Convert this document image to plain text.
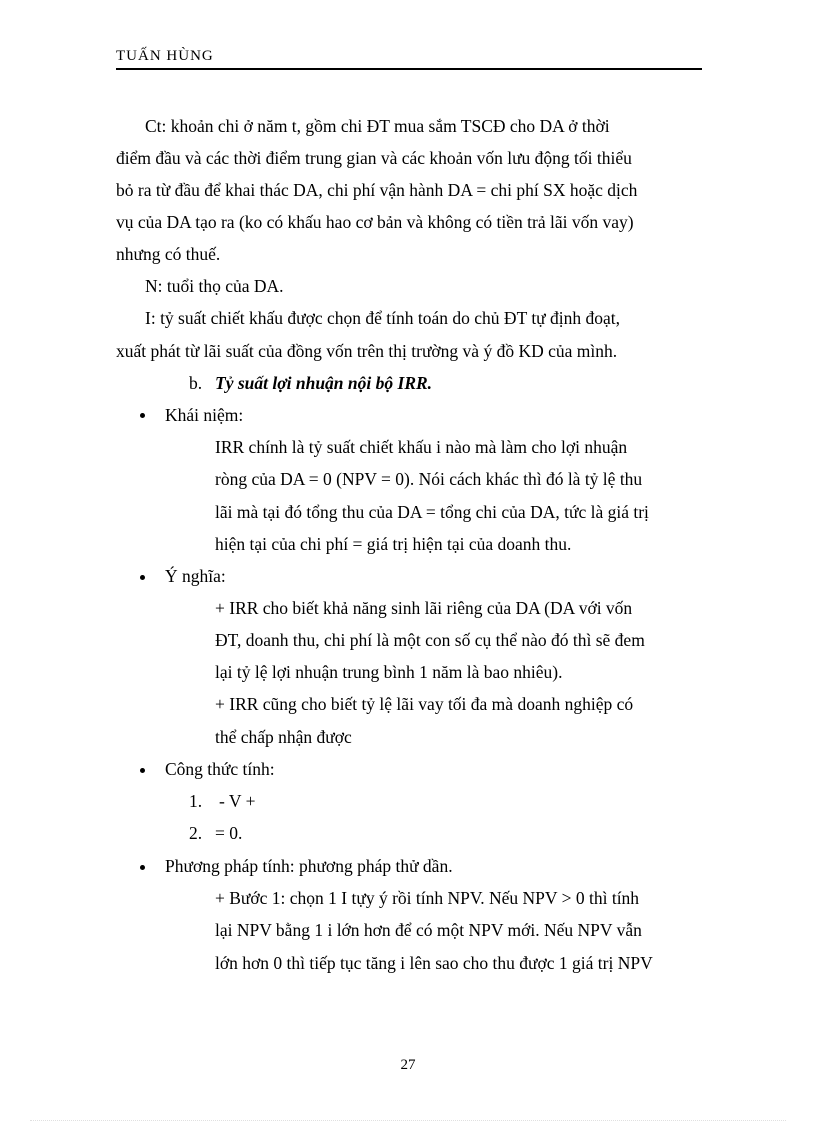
TUẤN HÙNG
Ct: khoản chi ở năm t, gồm chi ĐT mua sắm TSCĐ cho DA ở thời
điểm đầu và các thời điểm trung gian và các khoản vốn lưu động tối thiểu
bỏ ra từ đầu để khai thác DA, chi phí vận hành DA = chi phí SX hoặc dịch
vụ của DA tạo ra (ko có khấu hao cơ bản và không có tiền trả lãi vốn vay)
nhưng có thuế.
N: tuổi thọ của DA.
I: tỷ suất chiết khấu được chọn để tính toán do chủ ĐT tự định đoạt,
xuất phát từ lãi suất của đồng vốn trên thị trường và ý đồ KD của mình.
b. Tỷ suất lợi nhuận nội bộ IRR.
Khái niệm:
IRR chính là tỷ suất chiết khấu i nào mà làm cho lợi nhuận
ròng của DA = 0 (NPV = 0). Nói cách khác thì đó là tỷ lệ thu
lãi mà tại đó tổng thu của DA = tổng chi của DA, tức là giá trị
hiện tại của chi phí = giá trị hiện tại của doanh thu.
Ý nghĩa:
+ IRR cho biết khả năng sinh lãi riêng của DA (DA với vốn
ĐT, doanh thu, chi phí là một con số cụ thể nào đó thì sẽ đem
lại tỷ lệ lợi nhuận trung bình 1 năm là bao nhiêu).
+ IRR cũng cho biết tỷ lệ lãi vay tối đa mà doanh nghiệp có
thể chấp nhận được
Công thức tính:
1. - V +
2. = 0.
Phương pháp tính: phương pháp thử dần.
+ Bước 1: chọn 1 I tựy ý rồi tính NPV. Nếu NPV > 0 thì tính
lại NPV bằng 1 i lớn hơn để có một NPV mới. Nếu NPV vẫn
lớn hơn 0 thì tiếp tục tăng i lên sao cho thu được 1 giá trị NPV
27
